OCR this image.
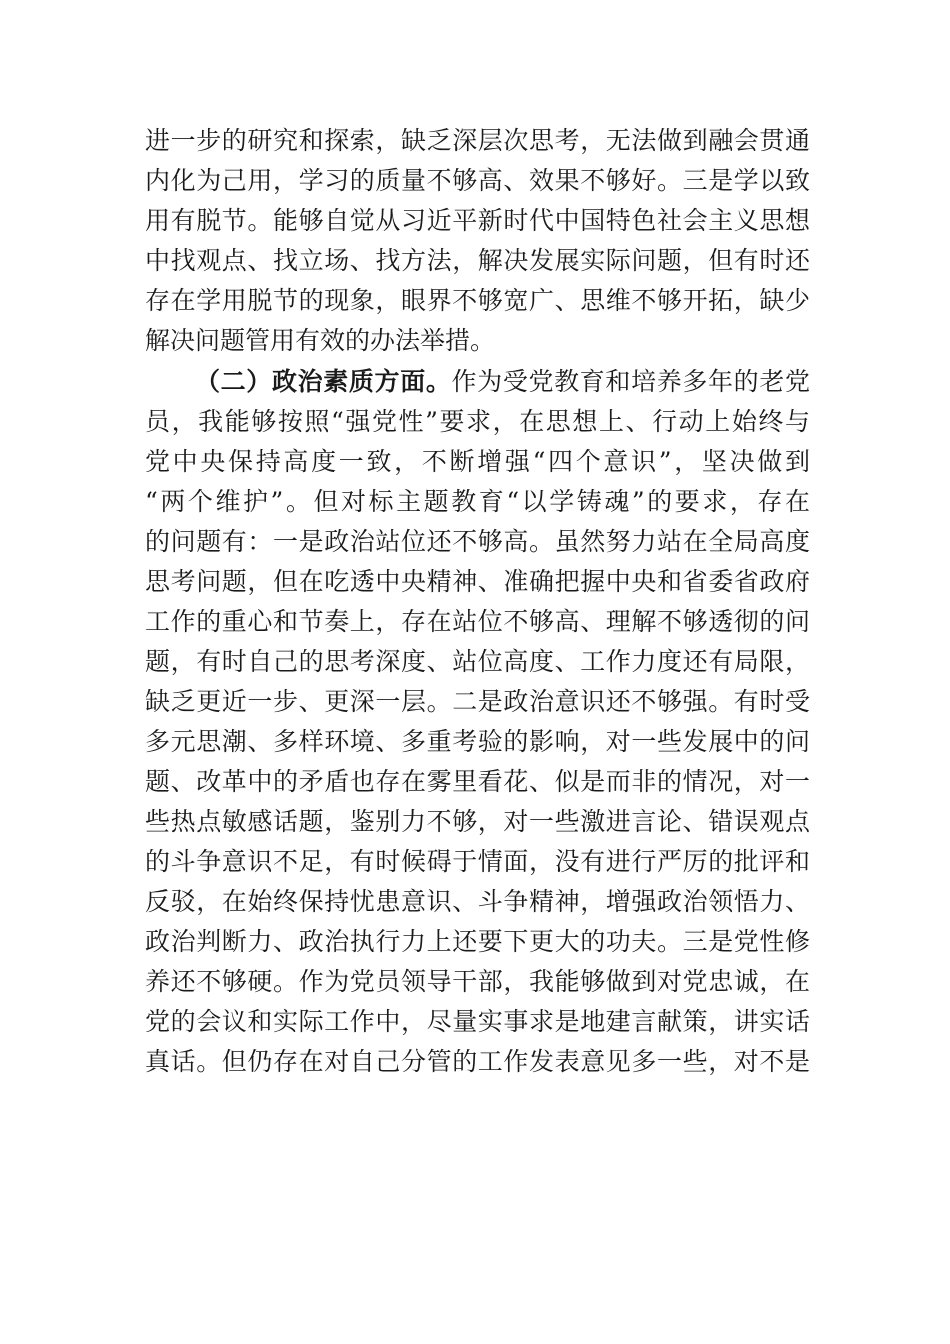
进一步的研究和探索，缺乏深层次思考，无法做到融会贯通
内化为己用，学习的质量不够高、效果不够好。三是学以致
用有脱节。能够自觉从习近平新时代中国特色社会主义思想
中找观点、找立场、找方法，解决发展实际问题，但有时还
存在学用脱节的现象，眼界不够宽广、思维不够开拓，缺少
解决问题管用有效的办法举措。
（二）政治素质方面。作为受党教育和培养多年的老党
员，我能够按照“强党性”要求，在思想上、行动上始终与
党中央保持高度一致，不断增强“四个意识”，坚决做到
“两个维护”。但对标主题教育“以学铸魂”的要求，存在
的问题有：一是政治站位还不够高。虽然努力站在全局高度
思考问题，但在吃透中央精神、准确把握中央和省委省政府
工作的重心和节奏上，存在站位不够高、理解不够透彻的问
题，有时自己的思考深度、站位高度、工作力度还有局限，
缺乏更近一步、更深一层。二是政治意识还不够强。有时受
多元思潮、多样环境、多重考验的影响，对一些发展中的问
题、改革中的矛盾也存在雾里看花、似是而非的情况，对一
些热点敏感话题，鉴别力不够，对一些激进言论、错误观点
的斗争意识不足，有时候碍于情面，没有进行严厉的批评和
反驳，在始终保持忧患意识、斗争精神，增强政治领悟力、
政治判断力、政治执行力上还要下更大的功夫。三是党性修
养还不够硬。作为党员领导干部，我能够做到对党忠诚，在
党的会议和实际工作中，尽量实事求是地建言献策，讲实话
真话。但仍存在对自己分管的工作发表意见多一些，对不是
